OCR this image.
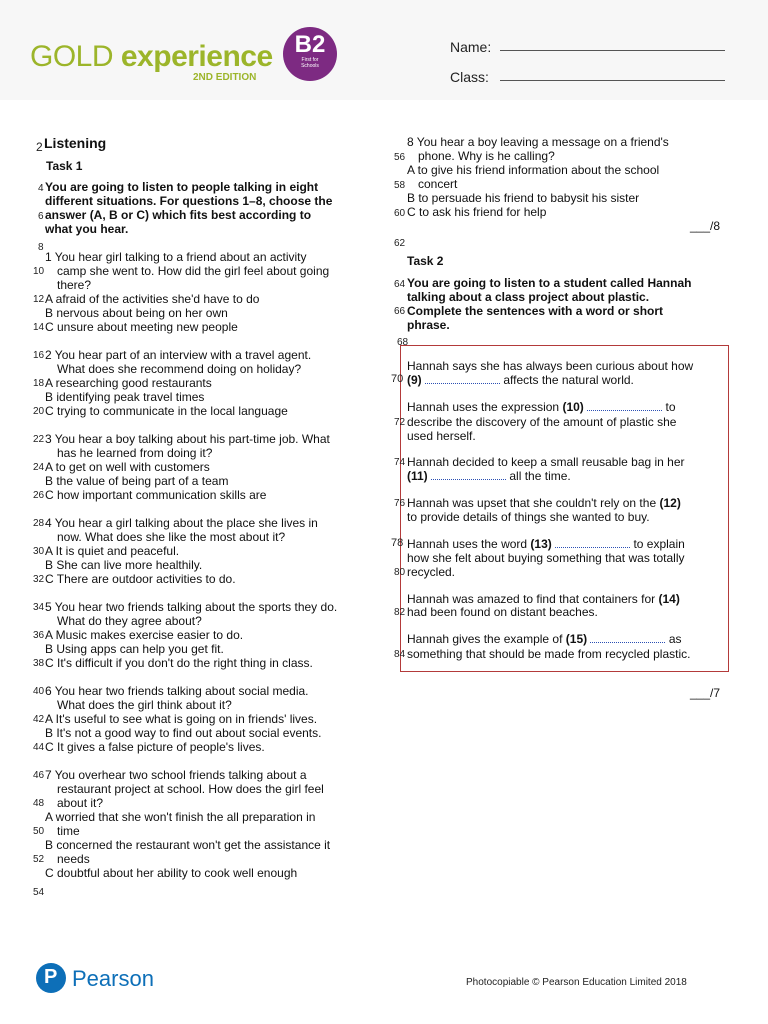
GOLD experience
2ND EDITION
B2
First for
Schools
Name:
Class:
2 Listening
Task 1
4 You are going to listen to people talking in eight
different situations. For questions 1–8, choose the
6 answer (A, B or C) which fits best according to
what you hear.
8
1 You hear girl talking to a friend about an activity
10 camp she went to. How did the girl feel about going
there?
12 A afraid of the activities she'd have to do
B nervous about being on her own
14 C unsure about meeting new people
16 2 You hear part of an interview with a travel agent.
What does she recommend doing on holiday?
18 A researching good restaurants
B identifying peak travel times
20 C trying to communicate in the local language
22 3 You hear a boy talking about his part-time job. What
has he learned from doing it?
24 A to get on well with customers
B the value of being part of a team
26 C how important communication skills are
28 4 You hear a girl talking about the place she lives in
now. What does she like the most about it?
30 A It is quiet and peaceful.
B She can live more healthily.
32 C There are outdoor activities to do.
34 5 You hear two friends talking about the sports they do.
What do they agree about?
36 A Music makes exercise easier to do.
B Using apps can help you get fit.
38 C It's difficult if you don't do the right thing in class.
40 6 You hear two friends talking about social media.
What does the girl think about it?
42 A It's useful to see what is going on in friends' lives.
B It's not a good way to find out about social events.
44 C It gives a false picture of people's lives.
46 7 You overhear two school friends talking about a
restaurant project at school. How does the girl feel
48 about it?
A worried that she won't finish the all preparation in
50 time
B concerned the restaurant won't get the assistance it
52 needs
C doubtful about her ability to cook well enough
54
8 You hear a boy leaving a message on a friend's
56 phone. Why is he calling?
A to give his friend information about the school
58 concert
B to persuade his friend to babysit his sister
60 C to ask his friend for help
___/8
62
Task 2
64 You are going to listen to a student called Hannah
talking about a class project about plastic.
66 Complete the sentences with a word or short
phrase.
68
Hannah says she has always been curious about how
70 (9)	affects the natural world.
Hannah uses the expression (10)	to
72 describe the discovery of the amount of plastic she
used herself.
74 Hannah decided to keep a small reusable bag in her
(11)	all the time.
76 Hannah was upset that she couldn't rely on the (12)
to provide details of things she wanted to buy.
78 Hannah uses the word (13)	to explain
how she felt about buying something that was totally
80 recycled.
Hannah was amazed to find that containers for (14)
82 had been found on distant beaches.
Hannah gives the example of (15)	as
84 something that should be made from recycled plastic.
___/7
P Pearson	Photocopiable © Pearson Education Limited 2018
